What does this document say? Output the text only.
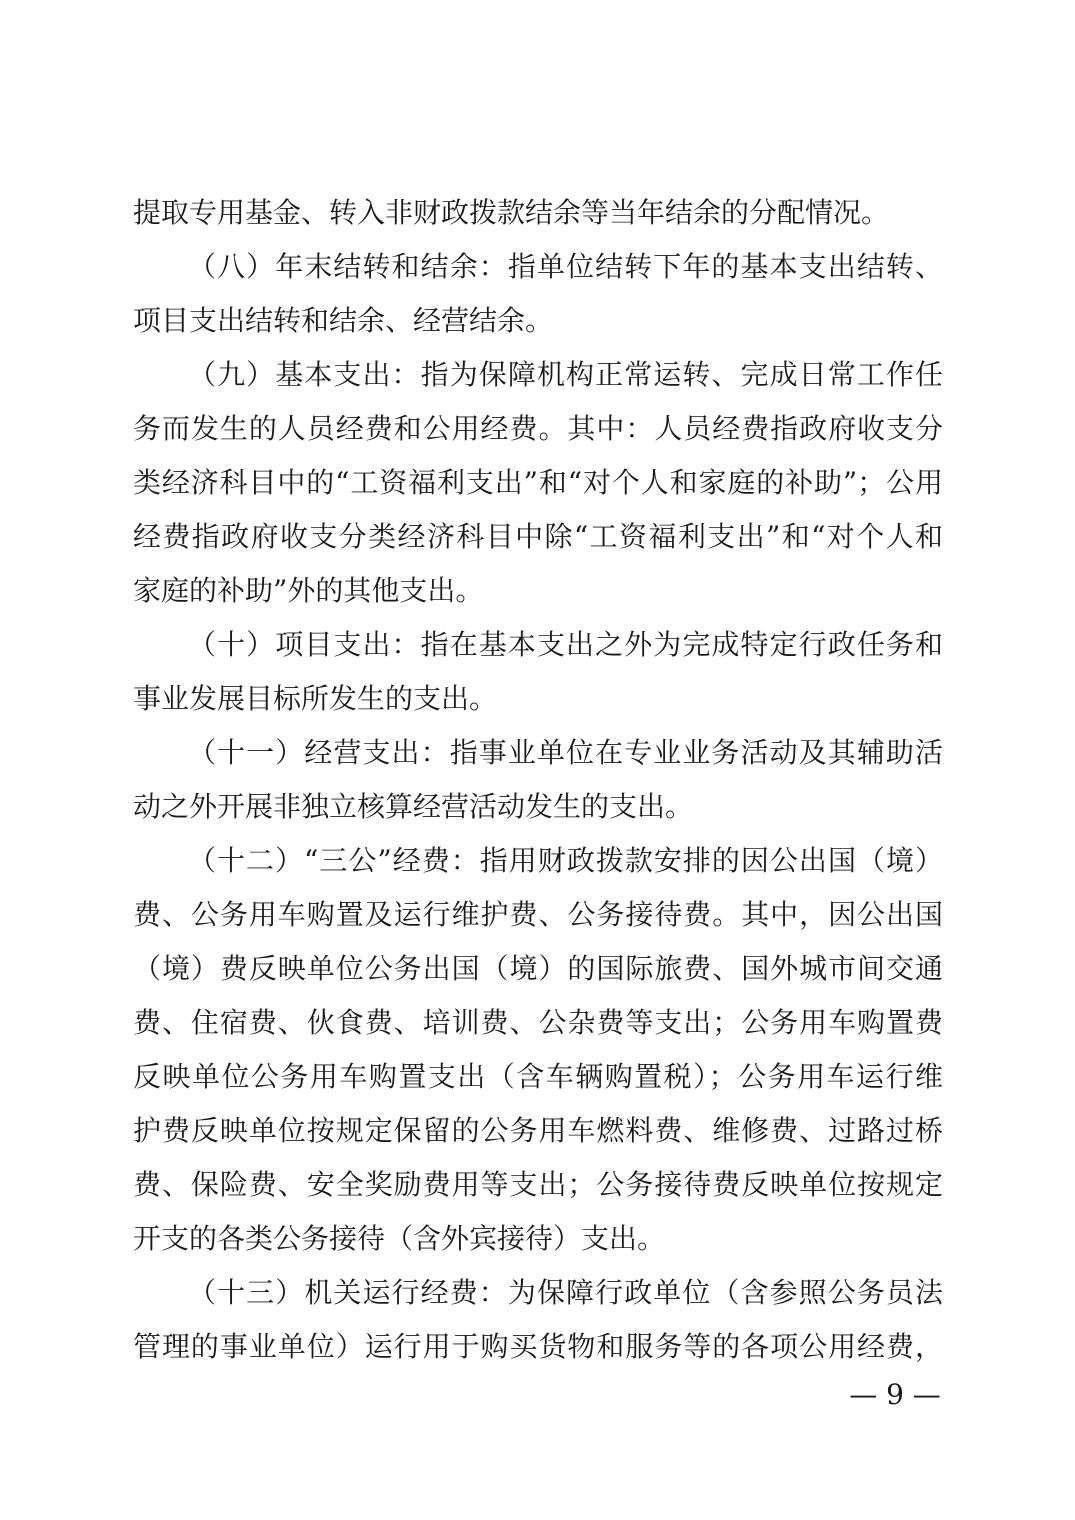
提取专用基金、转入非财政拨款结余等当年结余的分配情况。
（八）年末结转和结余：指单位结转下年的基本支出结转、
项目支出结转和结余、经营结余。
（九）基本支出：指为保障机构正常运转、完成日常工作任
务而发生的人员经费和公用经费。其中：人员经费指政府收支分
类经济科目中的“工资福利支出”和“对个人和家庭的补助”；公用
经费指政府收支分类经济科目中除“工资福利支出”和“对个人和
家庭的补助”外的其他支出。
（十）项目支出：指在基本支出之外为完成特定行政任务和
事业发展目标所发生的支出。
（十一）经营支出：指事业单位在专业业务活动及其辅助活
动之外开展非独立核算经营活动发生的支出。
（十二）“三公”经费：指用财政拨款安排的因公出国（境）
费、公务用车购置及运行维护费、公务接待费。其中，因公出国
（境）费反映单位公务出国（境）的国际旅费、国外城市间交通
费、住宿费、伙食费、培训费、公杂费等支出；公务用车购置费
反映单位公务用车购置支出（含车辆购置税）；公务用车运行维
护费反映单位按规定保留的公务用车燃料费、维修费、过路过桥
费、保险费、安全奖励费用等支出；公务接待费反映单位按规定
开支的各类公务接待（含外宾接待）支出。
（十三）机关运行经费：为保障行政单位（含参照公务员法
管理的事业单位）运行用于购买货物和服务等的各项公用经费，
— 9 —
